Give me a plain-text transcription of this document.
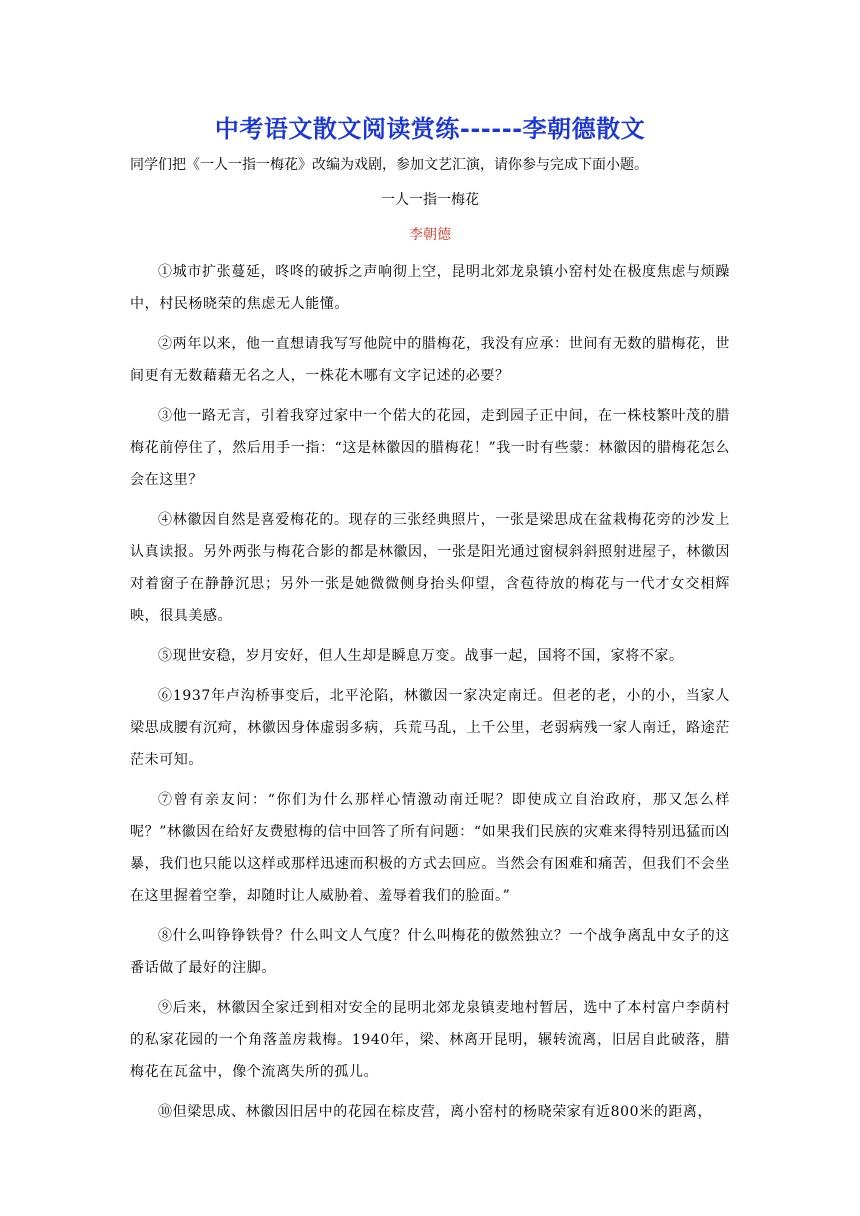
中考语文散文阅读赏练------李朝德散文
同学们把《一人一指一梅花》改编为戏剧，参加文艺汇演，请你参与完成下面小题。
一人一指一梅花
李朝德

①城市扩张蔓延，咚咚的破拆之声响彻上空，昆明北郊龙泉镇小窑村处在极度焦虑与烦躁中，村民杨晓荣的焦虑无人能懂。

②两年以来，他一直想请我写写他院中的腊梅花，我没有应承：世间有无数的腊梅花，世间更有无数藉藉无名之人，一株花木哪有文字记述的必要？

③他一路无言，引着我穿过家中一个偌大的花园，走到园子正中间，在一株枝繁叶茂的腊梅花前停住了，然后用手一指：“这是林徽因的腊梅花！”我一时有些蒙：林徽因的腊梅花怎么会在这里？

④林徽因自然是喜爱梅花的。现存的三张经典照片，一张是梁思成在盆栽梅花旁的沙发上认真读报。另外两张与梅花合影的都是林徽因，一张是阳光通过窗棂斜斜照射进屋子，林徽因对着窗子在静静沉思；另外一张是她微微侧身抬头仰望，含苞待放的梅花与一代才女交相辉映，很具美感。

⑤现世安稳，岁月安好，但人生却是瞬息万变。战事一起，国将不国，家将不家。

⑥1937年卢沟桥事变后，北平沦陷，林徽因一家决定南迁。但老的老，小的小，当家人梁思成腰有沉疴，林徽因身体虚弱多病，兵荒马乱，上千公里，老弱病残一家人南迁，路途茫茫未可知。

⑦曾有亲友问：“你们为什么那样心情激动南迁呢？即使成立自治政府，那又怎么样呢？”林徽因在给好友费慰梅的信中回答了所有问题：“如果我们民族的灾难来得特别迅猛而凶暴，我们也只能以这样或那样迅速而积极的方式去回应。当然会有困难和痛苦，但我们不会坐在这里握着空拳，却随时让人威胁着、羞辱着我们的脸面。”

⑧什么叫铮铮铁骨？什么叫文人气度？什么叫梅花的傲然独立？一个战争离乱中女子的这番话做了最好的注脚。

⑨后来，林徽因全家迁到相对安全的昆明北郊龙泉镇麦地村暂居，选中了本村富户李荫村的私家花园的一个角落盖房栽梅。1940年，梁、林离开昆明，辗转流离，旧居自此破落，腊梅花在瓦盆中，像个流离失所的孤儿。

⑩但梁思成、林徽因旧居中的花园在棕皮营，离小窑村的杨晓荣家有近800米的距离，
